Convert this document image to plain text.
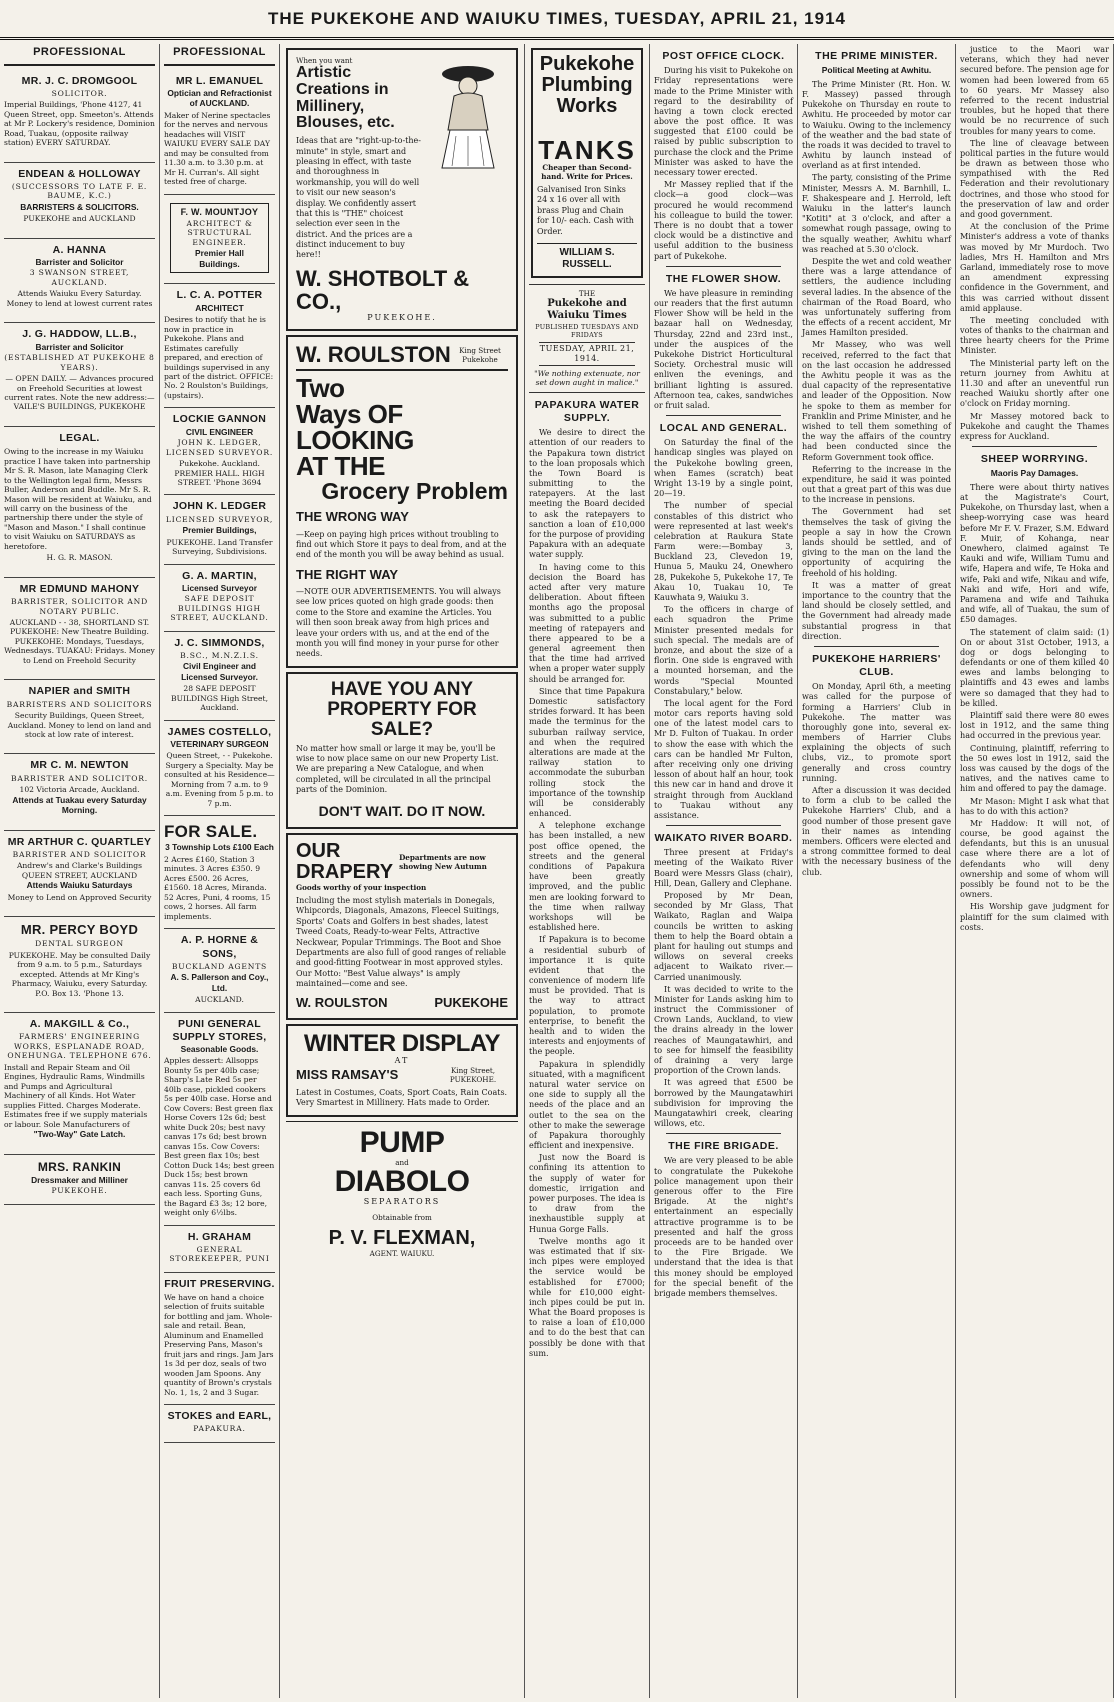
THE PUKEKOHE AND WAIUKU TIMES, TUESDAY, APRIL 21, 1914
PROFESSIONAL
MR. J. C. DROMGOOL
SOLICITOR.
Imperial Buildings, 'Phone 4127, 41 Queen Street, opp. Smeeton's. Attends at Mr P. Lockery's residence, Dominion Road, Tuakau, (opposite railway station) EVERY SATURDAY.
ENDEAN & HOLLOWAY
(SUCCESSORS TO LATE F. E. BAUME, K.C.)
BARRISTERS & SOLICITORS.
PUKEKOHE and AUCKLAND
A. HANNA
Barrister and Solicitor
3 SWANSON STREET, AUCKLAND.
Attends Waiuku Every Saturday. Money to lend at lowest current rates
J. G. HADDOW, LL.B.,
Barrister and Solicitor
(ESTABLISHED AT PUKEKOHE 8 YEARS).
— OPEN DAILY. — Advances procured on Freehold Securities at lowest current rates. Note the new address:— VAILE'S BUILDINGS, PUKEKOHE
LEGAL.
Owing to the increase in my Waiuku practice I have taken into partnership Mr S. R. Mason, late Managing Clerk to the Wellington legal firm, Messrs Buller, Anderson and Buddle. Mr S. R. Mason will be resident at Waiuku, and will carry on the business of the partnership there under the style of "Mason and Mason." I shall continue to visit Waiuku on SATURDAYS as heretofore.
H. G. R. MASON.
MR EDMUND MAHONY
BARRISTER, SOLICITOR AND NOTARY PUBLIC.
AUCKLAND - - 38, SHORTLAND ST. PUKEKOHE: New Theatre Building. PUKEKOHE: Mondays, Tuesdays, Wednesdays. TUAKAU: Fridays. Money to Lend on Freehold Security
NAPIER and SMITH
BARRISTERS AND SOLICITORS
Security Buildings, Queen Street, Auckland. Money to lend on land and stock at low rate of interest.
MR C. M. NEWTON
BARRISTER AND SOLICITOR.
102 Victoria Arcade, Auckland.
Attends at Tuakau every Saturday Morning.
MR ARTHUR C. QUARTLEY
BARRISTER AND SOLICITOR
Andrew's and Clarke's Buildings QUEEN STREET, AUCKLAND
Attends Waiuku Saturdays
Money to Lend on Approved Security
MR. PERCY BOYD
DENTAL SURGEON
PUKEKOHE. May be consulted Daily from 9 a.m. to 5 p.m., Saturdays excepted. Attends at Mr King's Pharmacy, Waiuku, every Saturday. P.O. Box 13. 'Phone 13.
A. MAKGILL & Co.,
FARMERS' ENGINEERING WORKS, ESPLANADE ROAD, ONEHUNGA. TELEPHONE 676.
Install and Repair Steam and Oil Engines, Hydraulic Rams, Windmills and Pumps and Agricultural Machinery of all Kinds. Hot Water supplies Fitted. Charges Moderate. Estimates free if we supply materials or labour. Sole Manufacturers of
"Two-Way" Gate Latch.
MRS. RANKIN
Dressmaker and Milliner
PUKEKOHE.
PROFESSIONAL
MR L. EMANUEL
Optician and Refractionist of AUCKLAND.
Maker of Nerine spectacles for the nerves and nervous headaches will VISIT WAIUKU EVERY SALE DAY and may be consulted from 11.30 a.m. to 3.30 p.m. at Mr H. Curran's. All sight tested free of charge.
F. W. MOUNTJOY
ARCHITECT & STRUCTURAL ENGINEER.
Premier Hall Buildings.
L. C. A. POTTER
ARCHITECT
Desires to notify that he is now in practice in Pukekohe. Plans and Estimates carefully prepared, and erection of buildings supervised in any part of the district. OFFICE: No. 2 Roulston's Buildings, (upstairs).
LOCKIE GANNON
CIVIL ENGINEER
JOHN K. LEDGER, LICENSED SURVEYOR.
Pukekohe. Auckland. PREMIER HALL. HIGH STREET. 'Phone 3694
JOHN K. LEDGER
LICENSED SURVEYOR,
Premier Buildings,
PUKEKOHE. Land Transfer Surveying, Subdivisions.
G. A. MARTIN,
Licensed Surveyor
SAFE DEPOSIT BUILDINGS HIGH STREET, AUCKLAND.
J. C. SIMMONDS,
B.SC., M.N.Z.I.S.
Civil Engineer and Licensed Surveyor.
28 SAFE DEPOSIT BUILDINGS High Street, Auckland.
JAMES COSTELLO,
VETERINARY SURGEON
Queen Street, - - Pukekohe. Surgery a Specialty. May be consulted at his Residence— Morning from 7 a.m. to 9 a.m. Evening from 5 p.m. to 7 p.m.
FOR SALE.
3 Township Lots £100 Each
2 Acres £160, Station 3 minutes. 3 Acres £350. 9 Acres £500. 26 Acres, £1560. 18 Acres, Miranda. 52 Acres, Puni, 4 rooms, 15 cows, 2 horses. All farm implements.
A. P. HORNE & SONS,
BUCKLAND AGENTS
A. S. Pallerson and Coy., Ltd.
AUCKLAND.
PUNI GENERAL SUPPLY STORES,
Seasonable Goods.
Apples dessert: Allsopps Bounty 5s per 40lb case; Sharp's Late Red 5s per 40lb case, pickled cookers 5s per 40lb case. Horse and Cow Covers: Best green flax Horse Covers 12s 6d; best white Duck 20s; best navy canvas 17s 6d; best brown canvas 15s. Cow Covers: Best green flax 10s; best Cotton Duck 14s; best green Duck 15s; best brown canvas 11s. 25 covers 6d each less. Sporting Guns, the Bagard £3 3s; 12 bore, weight only 6½lbs.
H. GRAHAM
GENERAL STOREKEEPER, PUNI
FRUIT PRESERVING.
We have on hand a choice selection of fruits suitable for bottling and jam. Whole-sale and retail. Bean, Aluminum and Enamelled Preserving Pans, Mason's fruit jars and rings. Jam Jars 1s 3d per doz, seals of two wooden Jam Spoons. Any quantity of Brown's crystals No. 1, 1s, 2 and 3 Sugar.
STOKES and EARL,
PAPAKURA.
When you want
Artistic Creations in Millinery, Blouses, etc.

Ideas that are "right-up-to-the-minute" in style, smart and pleasing in effect, with taste and thoroughness in workmanship, you will do well to visit our new season's display. We confidently assert that this is "THE" choicest selection ever seen in the district. And the prices are a distinct inducement to buy here!!

W. SHOTBOLT & CO.,
PUKEKOHE.
W. ROULSTON	King Street Pukekohe
Two Ways OF LOOKING AT THE
Grocery Problem
THE WRONG WAY

—Keep on paying high prices without troubling to find out which Store it pays to deal from, and at the end of the month you will be away behind as usual.

THE RIGHT WAY

—NOTE OUR ADVERTISEMENTS. You will always see low prices quoted on high grade goods: then come to the Store and examine the Articles. You will then soon break away from high prices and leave your orders with us, and at the end of the month you will find money in your purse for other needs.

HAVE YOU ANY PROPERTY FOR SALE?

No matter how small or large it may be, you'll be wise to now place same on our new Property List. We are preparing a New Catalogue, and when completed, will be circulated in all the principal parts of the Dominion.

DON'T WAIT. DO IT NOW.
OUR DRAPERY
Departments are now showing New Autumn
Goods worthy of your inspection

Including the most stylish materials in Donegals, Whipcords, Diagonals, Amazons, Fleecel Suitings, Sports' Coats and Golfers in best shades, latest Tweed Coats, Ready-to-wear Felts, Attractive Neckwear, Popular Trimmings. The Boot and Shoe Departments are also full of good ranges of reliable and good-fitting Footwear in most approved styles. Our Motto: "Best Value always" is amply maintained—come and see.

W. ROULSTON	PUKEKOHE
WINTER DISPLAY
AT
MISS RAMSAY'S	King Street, PUKEKOHE.

Latest in Costumes, Coats, Sport Coats, Rain Coats. Very Smartest in Millinery. Hats made to Order.

PUMP
and
DIABOLO
SEPARATORS
Obtainable from
P. V. FLEXMAN,
AGENT. WAIUKU.
Pukekohe Plumbing Works
TANKS
Cheaper than Second-hand. Write for Prices.

Galvanised Iron Sinks 24 x 16 over all with brass Plug and Chain for 10/- each. Cash with Order.

WILLIAM S. RUSSELL.
THE
Pukekohe and Waiuku Times
PUBLISHED TUESDAYS AND FRIDAYS
TUESDAY, APRIL 21, 1914.
"We nothing extenuate, nor set down aught in malice."
PAPAKURA WATER SUPPLY.

We desire to direct the attention of our readers to the Papakura town district to the loan proposals which the Town Board is submitting to the ratepayers. At the last meeting the Board decided to ask the ratepayers to sanction a loan of £10,000 for the purpose of providing Papakura with an adequate water supply.

In having come to this decision the Board has acted after very mature deliberation. About fifteen months ago the proposal was submitted to a public meeting of ratepayers and there appeared to be a general agreement then that the time had arrived when a proper water supply should be arranged for.

Since that time Papakura Domestic satisfactory strides forward. It has been made the terminus for the suburban railway service, and when the required alterations are made at the railway station to accommodate the suburban rolling stock the importance of the township will be considerably enhanced.

A telephone exchange has been installed, a new post office opened, the streets and the general conditions of Papakura have been greatly improved, and the public men are looking forward to the time when railway workshops will be established here.

If Papakura is to become a residential suburb of importance it is quite evident that the convenience of modern life must be provided. That is the way to attract population, to promote enterprise, to benefit the health and to widen the interests and enjoyments of the people.

Papakura in splendidly situated, with a magnificent natural water service on one side to supply all the needs of the place and an outlet to the sea on the other to make the sewerage of Papakura thoroughly efficient and inexpensive.

Just now the Board is confining its attention to the supply of water for domestic, irrigation and power purposes. The idea is to draw from the inexhaustible supply at Hunua Gorge Falls.

Twelve months ago it was estimated that if six-inch pipes were employed the service would be established for £7000; while for £10,000 eight-inch pipes could be put in. What the Board proposes is to raise a loan of £10,000 and to do the best that can possibly be done with that sum.

POST OFFICE CLOCK.

During his visit to Pukekohe on Friday representations were made to the Prime Minister with regard to the desirability of having a town clock erected above the post office. It was suggested that £100 could be raised by public subscription to purchase the clock and the Prime Minister was asked to have the necessary tower erected.

Mr Massey replied that if the clock—a good clock—was procured he would recommend his colleague to build the tower. There is no doubt that a tower clock would be a distinctive and useful addition to the business part of Pukekohe.

THE FLOWER SHOW.

We have pleasure in reminding our readers that the first autumn Flower Show will be held in the bazaar hall on Wednesday, Thursday, 22nd and 23rd inst., under the auspices of the Pukekohe District Horticultural Society. Orchestral music will enliven the evenings, and brilliant lighting is assured. Afternoon tea, cakes, sandwiches or fruit salad.

LOCAL AND GENERAL.

On Saturday the final of the handicap singles was played on the Pukekohe bowling green, when Eames (scratch) beat Wright 13-19 by a single point, 20—19.

The number of special constables of this district who were represented at last week's celebration at Raukura State Farm were:—Bombay 3, Buckland 23, Clevedon 19, Hunua 5, Mauku 24, Onewhero 28, Pukekohe 5, Pukekohe 17, Te Akau 10, Tuakau 10, Te Kauwhata 9, Waiuku 3.

To the officers in charge of each squadron the Prime Minister presented medals for such special. The medals are of bronze, and about the size of a florin. One side is engraved with a mounted horseman, and the words "Special Mounted Constabulary," below.

The local agent for the Ford motor cars reports having sold one of the latest model cars to Mr D. Fulton of Tuakau. In order to show the ease with which the cars can be handled Mr Fulton, after receiving only one driving lesson of about half an hour, took this new car in hand and drove it straight through from Auckland to Tuakau without any assistance.

WAIKATO RIVER BOARD.

Three present at Friday's meeting of the Waikato River Board were Messrs Glass (chair), Hill, Dean, Gallery and Clephane.

Proposed by Mr Dean, seconded by Mr Glass, That Waikato, Raglan and Waipa councils be written to asking them to help the Board obtain a plant for hauling out stumps and willows on several creeks adjacent to Waikato river.—Carried unanimously.

It was decided to write to the Minister for Lands asking him to instruct the Commissioner of Crown Lands, Auckland, to view the drains already in the lower reaches of Maungatawhiri, and to see for himself the feasibility of draining a very large proportion of the Crown lands.

It was agreed that £500 be borrowed by the Maungatawhiri subdivision for improving the Maungatawhiri creek, clearing willows, etc.

THE FIRE BRIGADE.

We are very pleased to be able to congratulate the Pukekohe police management upon their generous offer to the Fire Brigade. At the night's entertainment an especially attractive programme is to be presented and half the gross proceeds are to be handed over to the Fire Brigade. We understand that the idea is that this money should be employed for the special benefit of the brigade members themselves.

THE PRIME MINISTER.
Political Meeting at Awhitu.

The Prime Minister (Rt. Hon. W. F. Massey) passed through Pukekohe on Thursday en route to Awhitu. He proceeded by motor car to Waiuku. Owing to the inclemency of the weather and the bad state of the roads it was decided to travel to Awhitu by launch instead of overland as at first intended.

The party, consisting of the Prime Minister, Messrs A. M. Barnhill, L. F. Shakespeare and J. Herrold, left Waiuku in the latter's launch "Kotiti" at 3 o'clock, and after a somewhat rough passage, owing to the squally weather, Awhitu wharf was reached at 5.30 o'clock.

Despite the wet and cold weather there was a large attendance of settlers, the audience including several ladies. In the absence of the chairman of the Road Board, who was unfortunately suffering from the effects of a recent accident, Mr James Hamilton presided.

Mr Massey, who was well received, referred to the fact that on the last occasion he addressed the Awhitu people it was as the dual capacity of the representative and leader of the Opposition. Now he spoke to them as member for Franklin and Prime Minister, and he wished to tell them something of the way the affairs of the country had been conducted since the Reform Government took office.

Referring to the increase in the expenditure, he said it was pointed out that a great part of this was due to the increase in pensions.

The Government had set themselves the task of giving the people a say in how the Crown lands should be settled, and of giving to the man on the land the opportunity of acquiring the freehold of his holding.

It was a matter of great importance to the country that the land should be closely settled, and the Government had already made substantial progress in that direction.

PUKEKOHE HARRIERS' CLUB.

On Monday, April 6th, a meeting was called for the purpose of forming a Harriers' Club in Pukekohe. The matter was thoroughly gone into, several ex-members of Harrier Clubs explaining the objects of such clubs, viz., to promote sport generally and cross country running.

After a discussion it was decided to form a club to be called the Pukekohe Harriers' Club, and a good number of those present gave in their names as intending members. Officers were elected and a strong committee formed to deal with the necessary business of the club.

justice to the Maori war veterans, which they had never secured before. The pension age for women had been lowered from 65 to 60 years. Mr Massey also referred to the recent industrial troubles, but he hoped that there would be no recurrence of such troubles for many years to come.

The line of cleavage between political parties in the future would be drawn as between those who sympathised with the Red Federation and their revolutionary doctrines, and those who stood for the preservation of law and order and good government.

At the conclusion of the Prime Minister's address a vote of thanks was moved by Mr Murdoch. Two ladies, Mrs H. Hamilton and Mrs Garland, immediately rose to move an amendment expressing confidence in the Government, and this was carried without dissent amid applause.

The meeting concluded with votes of thanks to the chairman and three hearty cheers for the Prime Minister.

The Ministerial party left on the return journey from Awhitu at 11.30 and after an uneventful run reached Waiuku shortly after one o'clock on Friday morning.

Mr Massey motored back to Pukekohe and caught the Thames express for Auckland.

SHEEP WORRYING.
Maoris Pay Damages.

There were about thirty natives at the Magistrate's Court, Pukekohe, on Thursday last, when a sheep-worrying case was heard before Mr F. V. Frazer, S.M. Edward F. Muir, of Kohanga, near Onewhero, claimed against Te Kauki and wife, William Tumu and wife, Hapera and wife, Te Hoka and wife, Paki and wife, Nikau and wife, Naki and wife, Hori and wife, Paramena and wife and Taihuka and wife, all of Tuakau, the sum of £50 damages.

The statement of claim said: (1) On or about 31st October, 1913, a dog or dogs belonging to defendants or one of them killed 40 ewes and lambs belonging to plaintiffs and 43 ewes and lambs were so damaged that they had to be killed.

Plaintiff said there were 80 ewes lost in 1912, and the same thing had occurred in the previous year.

Continuing, plaintiff, referring to the 50 ewes lost in 1912, said the loss was caused by the dogs of the natives, and the natives came to him and offered to pay the damage.

Mr Mason: Might I ask what that has to do with this action?

Mr Haddow: It will not, of course, be good against the defendants, but this is an unusual case where there are a lot of defendants who will deny ownership and some of whom will possibly be found not to be the owners.

His Worship gave judgment for plaintiff for the sum claimed with costs.
